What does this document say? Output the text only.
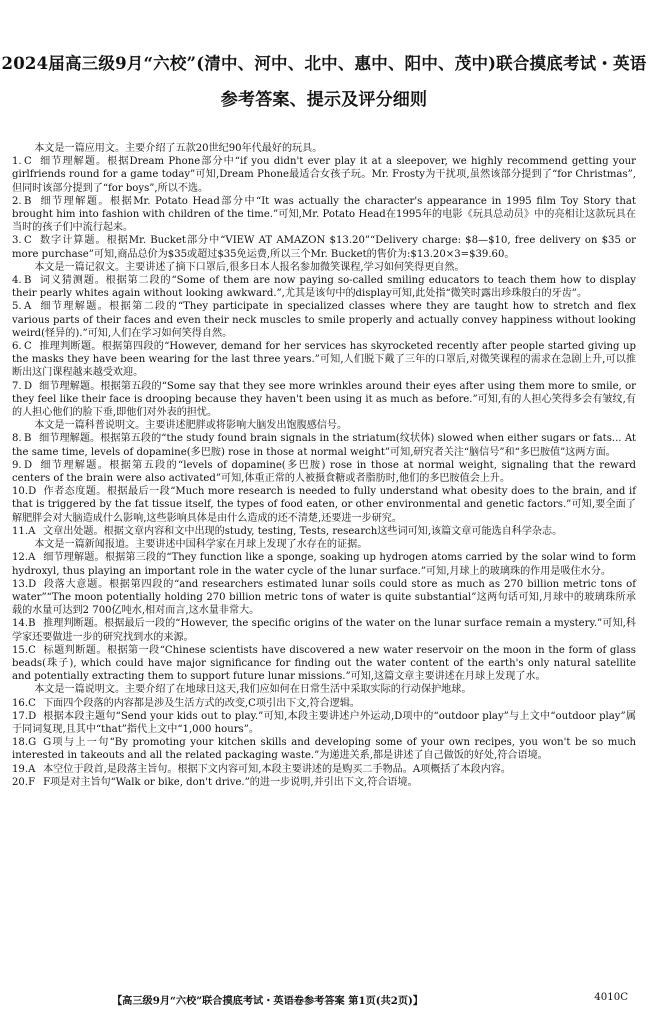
2024届高三级9月“六校”(清中、河中、北中、惠中、阳中、茂中)联合摸底考试・英语
参考答案、提示及评分细则

本文是一篇应用文。主要介绍了五款20世纪90年代最好的玩具。

1. C 细节理解题。根据Dream Phone部分中“if you didn't ever play it at a sleepover, we highly recommend getting your girlfriends round for a game today”可知,Dream Phone最适合女孩子玩。Mr. Frosty为干扰项,虽然该部分提到了“for Christmas”,但同时该部分提到了“for boys”,所以不选。

2. B 细节理解题。根据Mr. Potato Head部分中“It was actually the character's appearance in 1995 film Toy Story that brought him into fashion with children of the time.”可知,Mr. Potato Head在1995年的电影《玩具总动员》中的亮相让这款玩具在当时的孩子们中流行起来。

3. C 数字计算题。根据Mr. Bucket部分中“VIEW AT AMAZON $13.20”“Delivery charge: $8—$10, free delivery on $35 or more purchase”可知,商品总价为$35或超过$35免运费,所以三个Mr. Bucket的售价为:$13.20×3=$39.60。

本文是一篇记叙文。主要讲述了摘下口罩后,很多日本人报名参加微笑课程,学习如何笑得更自然。

4. B 词义猜测题。根据第二段的“Some of them are now paying so-called smiling educators to teach them how to display their pearly whites again without looking awkward.”,尤其是该句中的display可知,此处指“微笑时露出珍珠般白的牙齿”。

5. A 细节理解题。根据第二段的“They participate in specialized classes where they are taught how to stretch and flex various parts of their faces and even their neck muscles to smile properly and actually convey happiness without looking weird(怪异的).”可知,人们在学习如何笑得自然。

6. C 推理判断题。根据第四段的“However, demand for her services has skyrocketed recently after people started giving up the masks they have been wearing for the last three years.”可知,人们脱下戴了三年的口罩后,对微笑课程的需求在急剧上升,可以推断出这门课程越来越受欢迎。

7. D 细节理解题。根据第五段的“Some say that they see more wrinkles around their eyes after using them more to smile, or they feel like their face is drooping because they haven't been using it as much as before.”可知,有的人担心笑得多会有皱纹,有的人担心他们的脸下垂,即他们对外表的担忧。

本文是一篇科普说明文。主要讲述肥胖或将影响大脑发出饱腹感信号。

8. B 细节理解题。根据第五段的“the study found brain signals in the striatum(纹状体) slowed when either sugars or fats... At the same time, levels of dopamine(多巴胺) rose in those at normal weight”可知,研究者关注“脑信号”和“多巴胺值”这两方面。

9. D 细节理解题。根据第五段的“levels of dopamine(多巴胺) rose in those at normal weight, signaling that the reward centers of the brain were also activated”可知,体重正常的人被摄食糖或者脂肪时,他们的多巴胺值会上升。

10.D 作者态度题。根据最后一段“Much more research is needed to fully understand what obesity does to the brain, and if that is triggered by the fat tissue itself, the types of food eaten, or other environmental and genetic factors.”可知,要全面了解肥胖会对大脑造成什么影响,这些影响具体是由什么造成的还不清楚,还要进一步研究。

11.A 文章出处题。根据文章内容和文中出现的study, testing, Tests, research这些词可知,该篇文章可能选自科学杂志。

本文是一篇新闻报道。主要讲述中国科学家在月球上发现了水存在的证据。

12.A 细节理解题。根据第三段的“They function like a sponge, soaking up hydrogen atoms carried by the solar wind to form hydroxyl, thus playing an important role in the water cycle of the lunar surface.”可知,月球上的玻璃珠的作用是吸住水分。

13.D 段落大意题。根据第四段的“and researchers estimated lunar soils could store as much as 270 billion metric tons of water”“The moon potentially holding 270 billion metric tons of water is quite substantial”这两句话可知,月球中的玻璃珠所承载的水量可达到2 700亿吨水,相对而言,这水量非常大。

14.B 推理判断题。根据最后一段的“However, the specific origins of the water on the lunar surface remain a mystery.”可知,科学家还要做进一步的研究找到水的来源。

15.C 标题判断题。根据第一段“Chinese scientists have discovered a new water reservoir on the moon in the form of glass beads(珠子), which could have major significance for finding out the water content of the earth's only natural satellite and potentially extracting them to support future lunar missions.”可知,这篇文章主要讲述在月球上发现了水。

本文是一篇说明文。主要介绍了在地球日这天,我们应如何在日常生活中采取实际的行动保护地球。

16.C 下面四个段落的内容都是涉及生活方式的改变,C项引出下文,符合逻辑。

17.D 根据本段主题句“Send your kids out to play.”可知,本段主要讲述户外运动,D项中的“outdoor play”与上文中“outdoor play”属于同词复现,且其中“that”指代上文中“1,000 hours”。

18.G G项与上一句“By promoting your kitchen skills and developing some of your own recipes, you won't be so much interested in takeouts and all the related packaging waste.”为递进关系,都是讲述了自己做饭的好处,符合语境。

19.A 本空位于段首,是段落主旨句。根据下文内容可知,本段主要讲述的是购买二手物品。A项概括了本段内容。

20.F F项是对主旨句“Walk or bike, don't drive.”的进一步说明,并引出下文,符合语境。

【高三级9月“六校”联合摸底考试・英语卷参考答案 第1页(共2页)】	4010C
